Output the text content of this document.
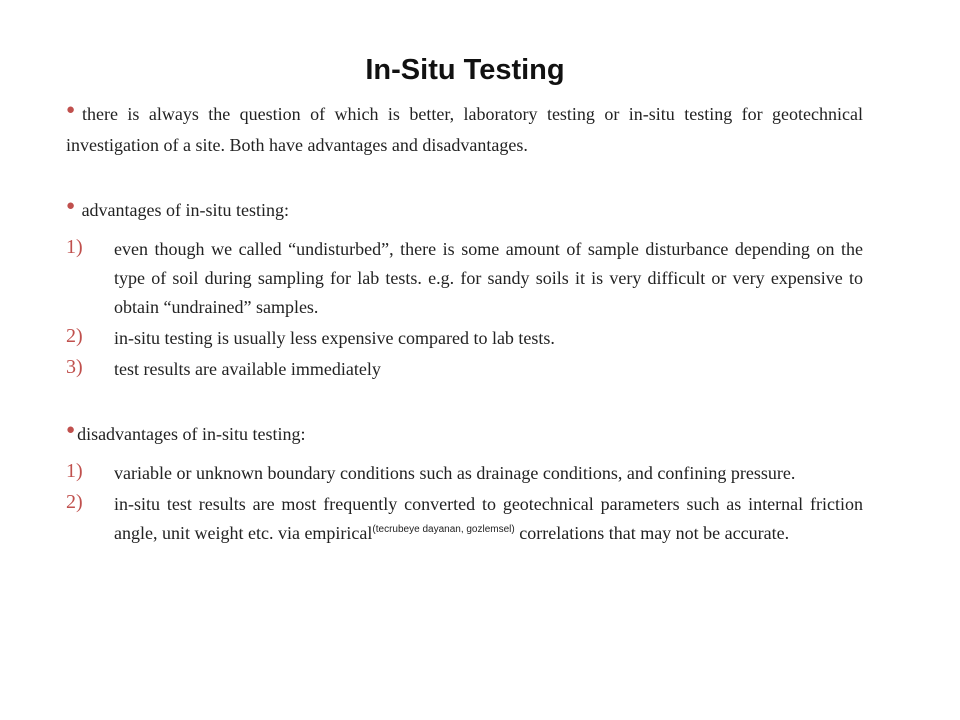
In-Situ Testing

● there is always the question of which is better, laboratory testing or in-situ testing for geotechnical investigation of a site. Both have advantages and disadvantages.

● advantages of in-situ testing:

1) even though we called “undisturbed”, there is some amount of sample disturbance depending on the type of soil during sampling for lab tests. e.g. for sandy soils it is very difficult or very expensive to obtain “undrained” samples.

2) in-situ testing is usually less expensive compared to lab tests.

3) test results are available immediately

● disadvantages of in-situ testing:

1) variable or unknown boundary conditions such as drainage conditions, and confining pressure.

2) in-situ test results are most frequently converted to geotechnical parameters such as internal friction angle, unit weight etc. via empirical$^{(tecrubeye dayanan, gozlemsel)}$ correlations that may not be accurate.
